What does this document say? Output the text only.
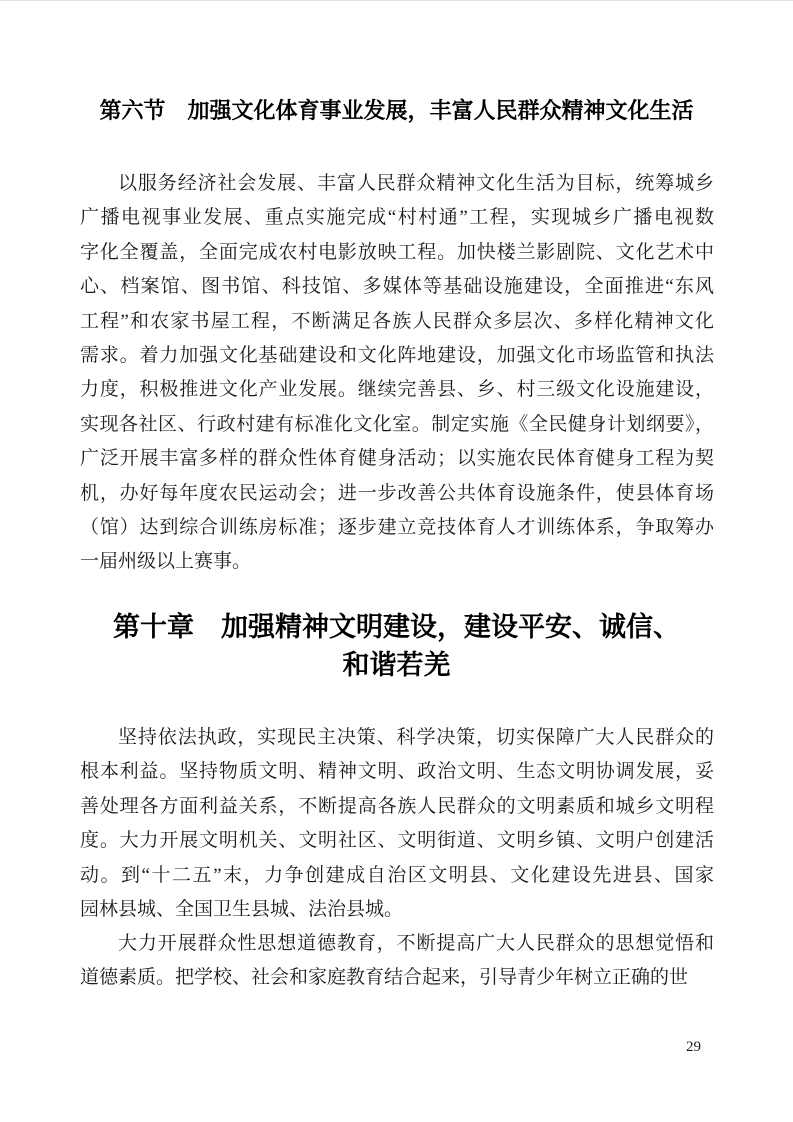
第六节　加强文化体育事业发展，丰富人民群众精神文化生活
以服务经济社会发展、丰富人民群众精神文化生活为目标，统筹城乡
广播电视事业发展、重点实施完成“村村通”工程，实现城乡广播电视数
字化全覆盖，全面完成农村电影放映工程。加快楼兰影剧院、文化艺术中
心、档案馆、图书馆、科技馆、多媒体等基础设施建设，全面推进“东风
工程”和农家书屋工程，不断满足各族人民群众多层次、多样化精神文化
需求。着力加强文化基础建设和文化阵地建设，加强文化市场监管和执法
力度，积极推进文化产业发展。继续完善县、乡、村三级文化设施建设，
实现各社区、行政村建有标准化文化室。制定实施《全民健身计划纲要》，
广泛开展丰富多样的群众性体育健身活动；以实施农民体育健身工程为契
机，办好每年度农民运动会；进一步改善公共体育设施条件，使县体育场
（馆）达到综合训练房标准；逐步建立竞技体育人才训练体系，争取筹办
一届州级以上赛事。
第十章　加强精神文明建设，建设平安、诚信、
和谐若羌
坚持依法执政，实现民主决策、科学决策，切实保障广大人民群众的
根本利益。坚持物质文明、精神文明、政治文明、生态文明协调发展，妥
善处理各方面利益关系，不断提高各族人民群众的文明素质和城乡文明程
度。大力开展文明机关、文明社区、文明街道、文明乡镇、文明户创建活
动。到“十二五”末，力争创建成自治区文明县、文化建设先进县、国家
园林县城、全国卫生县城、法治县城。
大力开展群众性思想道德教育，不断提高广大人民群众的思想觉悟和
道德素质。把学校、社会和家庭教育结合起来，引导青少年树立正确的世
29
